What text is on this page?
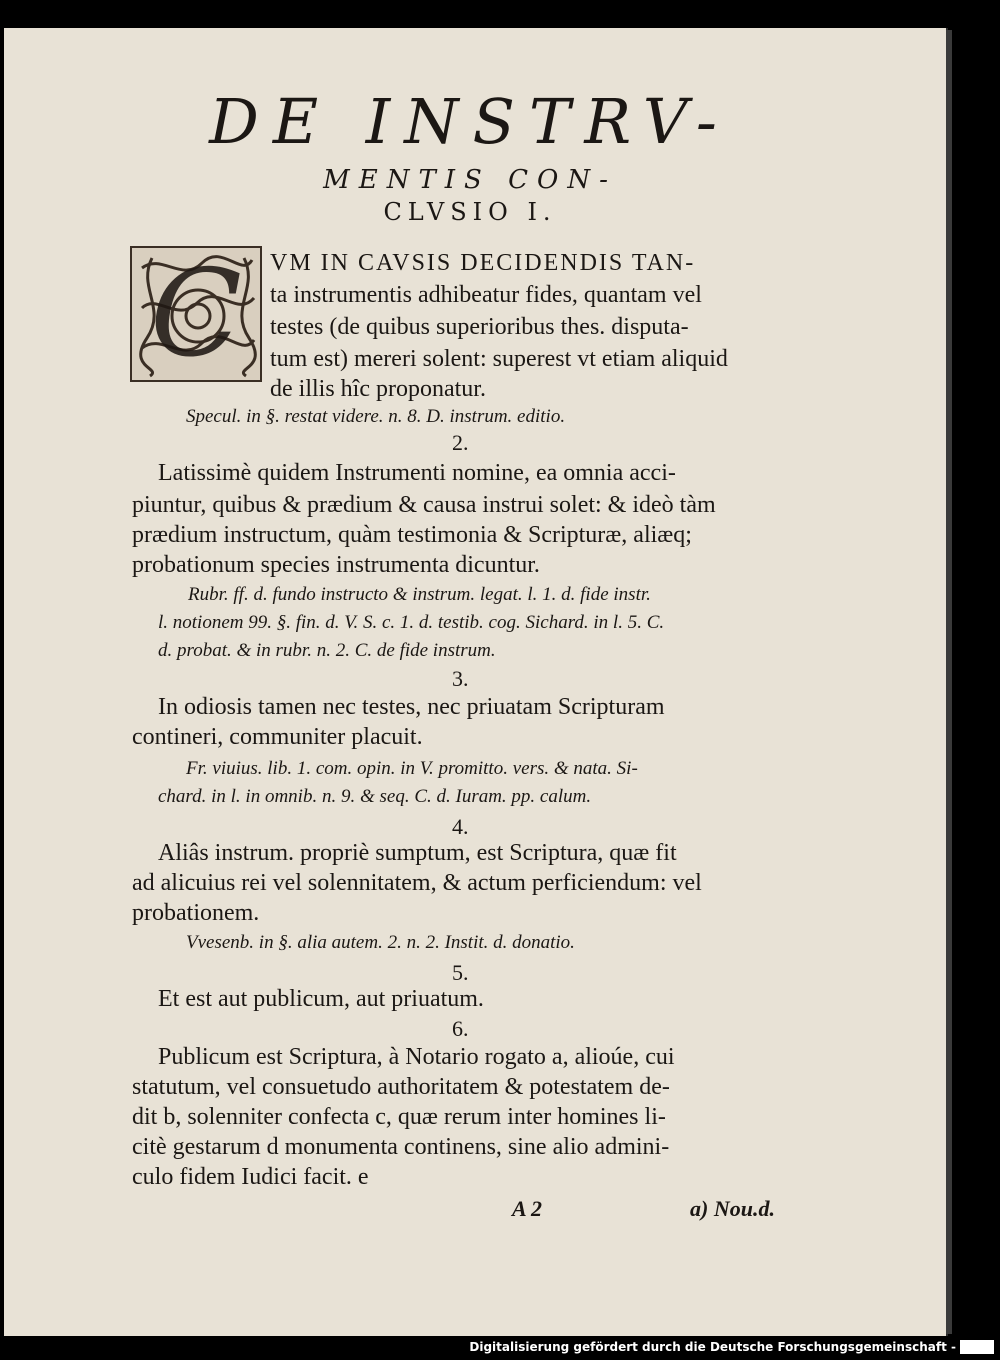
DE INSTRV-
MENTIS CON-
CLVSIO I.
C	VM IN CAVSIS DECIDENDIS TAN-
ta instrumentis adhibeatur fides, quantam vel
testes (de quibus superioribus thes. disputa-
tum est) mereri solent: superest vt etiam aliquid
de illis hîc proponatur.
Specul. in §. restat videre. n. 8. D. instrum. editio.
2.
Latissimè quidem Instrumenti nomine, ea omnia acci-
piuntur, quibus & prædium & causa instrui solet: & ideò tàm
prædium instructum, quàm testimonia & Scripturæ, aliæq;
probationum species instrumenta dicuntur.
Rubr. ff. d. fundo instructo & instrum. legat. l. 1. d. fide instr.
l. notionem 99. §. fin. d. V. S. c. 1. d. testib. cog. Sichard. in l. 5. C.
d. probat. & in rubr. n. 2. C. de fide instrum.
3.
In odiosis tamen nec testes, nec priuatam Scripturam
contineri, communiter placuit.
Fr. viuius. lib. 1. com. opin. in V. promitto. vers. & nata. Si-
chard. in l. in omnib. n. 9. & seq. C. d. Iuram. pp. calum.
4.
Aliâs instrum. propriè sumptum, est Scriptura, quæ fit
ad alicuius rei vel solennitatem, & actum perficiendum: vel
probationem.
Vvesenb. in §. alia autem. 2. n. 2. Instit. d. donatio.
5.
Et est aut publicum, aut priuatum.
6.
Publicum est Scriptura, à Notario rogato a, alioúe, cui
statutum, vel consuetudo authoritatem & potestatem de-
dit b, solenniter confecta c, quæ rerum inter homines li-
citè gestarum d monumenta continens, sine alio admini-
culo fidem Iudici facit. e
A 2	a) Nou.d.
Digitalisierung gefördert durch die Deutsche Forschungsgemeinschaft - DFG
